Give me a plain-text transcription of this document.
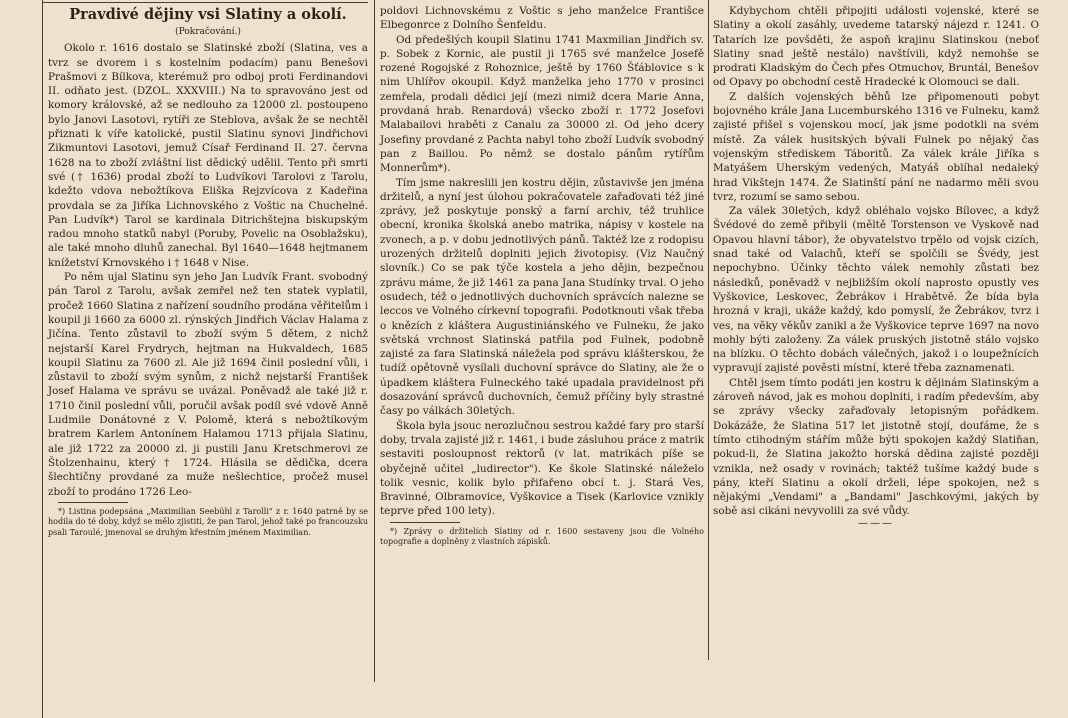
Pravdivé dějiny vsi Slatiny a okolí.
(Pokračování.)

Okolo r. 1616 dostalo se Slatinské zboží (Slatina, ves a tvrz se dvorem i s kostelním podacím) panu Benešovi Prašmovi z Bílkova, kterémuž pro odboj proti Ferdinandovi II. odňato jest. (DZOL. XXXVIII.) Na to spravováno jest od komory královské, až se nedlouho za 12000 zl. postoupeno bylo Janovi Lasotovi, rytíři ze Steblova, avšak že se nechtěl přiznati k víře katolické, pustil Slatinu synovi Jindřichovi Zikmuntovi Lasotovi, jemuž Císař Ferdinand II. 27. června 1628 na to zboží zvláštní list dědický udělil. Tento při smrti své († 1636) prodal zboží to Ludvíkovi Tarolovi z Tarolu, kdežto vdova nebožtíkova Eliška Rejzvícova z Kadeřina provdala se za Jiříka Lichnovského z Voštic na Chuchelné. Pan Ludvík*) Tarol se kardinala Ditrichštejna biskupským radou mnoho statků nabyl (Poruby, Povelic na Osoblažsku), ale také mnoho dluhů zanechal. Byl 1640—1648 hejtmanem knížetství Krnovského i † 1648 v Nise.

Po něm ujal Slatinu syn jeho Jan Ludvík Frant. svobodný pán Tarol z Tarolu, avšak zemřel než ten statek vyplatil, pročež 1660 Slatina z nařízení soudního prodána věřitelům i koupil ji 1660 za 6000 zl. rýnských Jindřich Václav Halama z Jičína. Tento zůstavil to zboží svým 5 dětem, z nichž nejstarší Karel Frydrych, hejtman na Hukvaldech, 1685 koupil Slatinu za 7600 zl. Ale již 1694 činil poslední vůli, i zůstavil to zboží svým synům, z nichž nejstarší František Josef Halama ve správu se uvázal. Poněvadž ale také již r. 1710 činil poslední vůli, poručil avšak podíl své vdově Anně Ludmile Donátovné z V. Polomě, která s nebožtíkovým bratrem Karlem Antonínem Halamou 1713 přijala Slatinu, ale již 1722 za 20000 zl. ji pustili Janu Kretschmerovi ze Štolzenhainu, který † 1724. Hlásila se dědička, dcera šlechtičny provdané za muže nešlechtice, pročež musel zboží to prodáno 1726 Leo-

*) Listina podepsána „Maximilian Seebühl z Tarolli" z r. 1640 patrně by se hodila do té doby, když se mělo zjistiti, že pan Tarol, jehož také po francouzsku psali Taroulé, jmenoval se druhým křestním jménem Maximilian.

poldovi Lichnovskému z Voštic s jeho manželce Františce Elbegonrce z Dolního Šenfeldu.

Od předešlých koupil Slatinu 1741 Maxmilian Jindřich sv. p. Sobek z Kornic, ale pustil ji 1765 své manželce Josefě rozené Rogojské z Rohoznice, ještě by 1760 Šťáblovice s k nim Uhlířov okoupil. Když manželka jeho 1770 v prosinci zemřela, prodali dědici její (mezi nimiž dcera Marie Anna, provdaná hrab. Renardová) všecko zboží r. 1772 Josefovi Malabailovi hraběti z Canalu za 30000 zl. Od jeho dcery Josefiny provdané z Pachta nabyl toho zboží Ludvík svobodný pan z Baillou. Po němž se dostalo pánům rytířům Monnerům*).

Tím jsme nakreslili jen kostru dějin, zůstavivše jen jména držitelů, a nyní jest úlohou pokračovatele zařaďovati též jiné zprávy, jež poskytuje ponský a farní archiv, též truhlice obecní, kronika školská anebo matrika, nápisy v kostele na zvonech, a p. v dobu jednotlivých pánů. Taktéž lze z rodopisu urozených držitelů doplniti jejich životopisy. (Viz Naučný slovník.) Co se pak týče kostela a jeho dějin, bezpečnou zprávu máme, že již 1461 za pana Jana Studínky trval. O jeho osudech, též o jednotlivých duchovních správcích nalezne se leccos ve Volného církevní topografii. Podotknouti však třeba o knězích z kláštera Augustiniánského ve Fulneku, že jako světská vrchnost Slatinská patřila pod Fulnek, podobně zajisté za fara Slatinská náležela pod správu klášterskou, že tudíž opětovně vysílali duchovní správce do Slatiny, ale že o úpadkem kláštera Fulneckého také upadala pravidelnost při dosazování správců duchovních, čemuž příčiny byly strastné časy po válkách 30letých.

Škola byla jsouc nerozlučnou sestrou každé fary pro starší doby, trvala zajisté již r. 1461, i bude zásluhou práce z matrik sestaviti posloupnost rektorů (v lat. matrikách píše se obyčejně učitel „ludirector"). Ke škole Slatinské náleželo tolik vesnic, kolik bylo přifařeno obcí t. j. Stará Ves, Bravinné, Olbramovice, Vyškovice a Tisek (Karlovice vznikly teprve před 100 lety).

*) Zprávy o držitelích Slatiny od r. 1600 sestaveny jsou dle Volného topografie a doplněny z vlastních zápisků.

Kdybychom chtěli připojiti události vojenské, které se Slatiny a okolí zasáhly, uvedeme tatarský nájezd r. 1241. O Tatarích lze povšděti, že aspoň krajinu Slatinskou (neboť Slatiny snad ještě nestálo) navštívili, když nemohše se prodrati Kladským do Čech přes Otmuchov, Bruntál, Benešov od Opavy po obchodní cestě Hradecké k Olomouci se dali.

Z dalších vojenských běhů lze připomenouti pobyt bojovného krále Jana Lucemburského 1316 ve Fulneku, kamž zajisté přišel s vojenskou mocí, jak jsme podotkli na svém místě. Za válek husitských bývali Fulnek po nějaký čas vojenským střediskem Táboritů. Za válek krále Jiříka s Matyášem Uherským vedených, Matyáš oblíhal nedaleký hrad Vikštejn 1474. Že Slatinští pání ne nadarmo měli svou tvrz, rozumí se samo sebou.

Za válek 30letých, když obléhalo vojsko Bílovec, a když Švédové do země přibyli (měltě Torstenson ve Vyskově nad Opavou hlavní tábor), že obyvatelstvo trpělo od vojsk cizích, snad také od Valachů, kteří se spolčili se Švédy, jest nepochybno. Účinky těchto válek nemohly zůstati bez následků, poněvadž v nejbližším okolí naprosto opustly ves Vyškovice, Leskovec, Žebrákov i Hrabětvě. Že bída byla hrozná v kraji, ukáže každý, kdo pomyslí, že Žebrákov, tvrz i ves, na věky věkův zanikl a že Vyškovice teprve 1697 na novo mohly býti založeny. Za válek pruských jistotně stálo vojsko na blízku. O těchto dobách válečných, jakož i o loupežnících vypravují zajisté pověsti místní, které třeba zaznamenati.

Chtěl jsem tímto podáti jen kostru k dějinám Slatinským a zároveň návod, jak es mohou doplniti, i radím především, aby se zprávy všecky zařaďovaly letopisným pořádkem. Dokázáže, že Slatina 517 let jistotně stojí, doufáme, že s tímto ctihodným stářím může býti spokojen každý Slatiňan, pokud-li, že Slatina jakožto horská dědina zajisté později vznikla, než osady v rovinách; taktéž tušíme každý bude s pány, kteří Slatinu a okolí drželi, lépe spokojen, než s nějakými „Vendami" a „Bandami" Jaschkovými, jakých by sobě asi cikáni nevyvolili za své vůdy.

———
